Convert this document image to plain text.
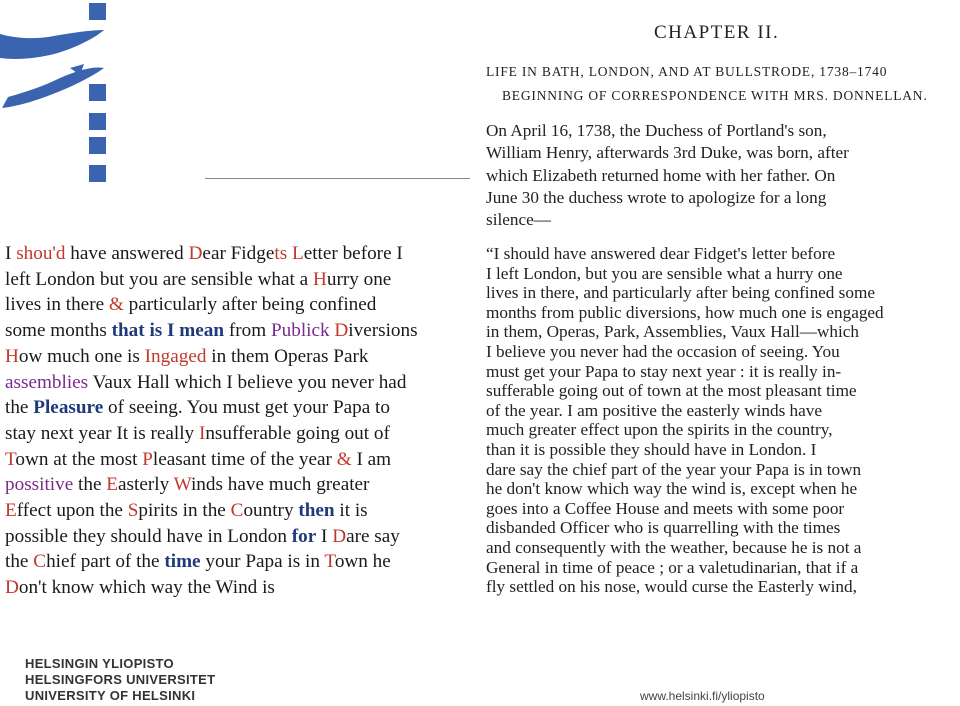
I shou'd have answered Dear Fidgets Letter before I
left London but you are sensible what a Hurry one
lives in there & particularly after being confined
some months that is I mean from Publick Diversions
How much one is Ingaged in them Operas Park
assemblies Vaux Hall which I believe you never had
the Pleasure of seeing. You must get your Papa to
stay next year It is really Insufferable going out of
Town at the most Pleasant time of the year & I am
possitive the Easterly Winds have much greater
Effect upon the Spirits in the Country then it is
possible they should have in London for I Dare say
the Chief part of the time your Papa is in Town he
Don't know which way the Wind is
CHAPTER II.
LIFE IN BATH, LONDON, AND AT BULLSTRODE, 1738–1740
BEGINNING OF CORRESPONDENCE WITH MRS. DONNELLAN.
On April 16, 1738, the Duchess of Portland's son,
William Henry, afterwards 3rd Duke, was born, after
which Elizabeth returned home with her father. On
June 30 the duchess wrote to apologize for a long
silence—
“I should have answered dear Fidget's letter before
I left London, but you are sensible what a hurry one
lives in there, and particularly after being confined some
months from public diversions, how much one is engaged
in them, Operas, Park, Assemblies, Vaux Hall—which
I believe you never had the occasion of seeing. You
must get your Papa to stay next year : it is really in-
sufferable going out of town at the most pleasant time
of the year. I am positive the easterly winds have
much greater effect upon the spirits in the country,
than it is possible they should have in London. I
dare say the chief part of the year your Papa is in town
he don't know which way the wind is, except when he
goes into a Coffee House and meets with some poor
disbanded Officer who is quarrelling with the times
and consequently with the weather, because he is not a
General in time of peace ; or a valetudinarian, that if a
fly settled on his nose, would curse the Easterly wind,
HELSINGIN YLIOPISTO
HELSINGFORS UNIVERSITET
UNIVERSITY OF HELSINKI	www.helsinki.fi/yliopisto
